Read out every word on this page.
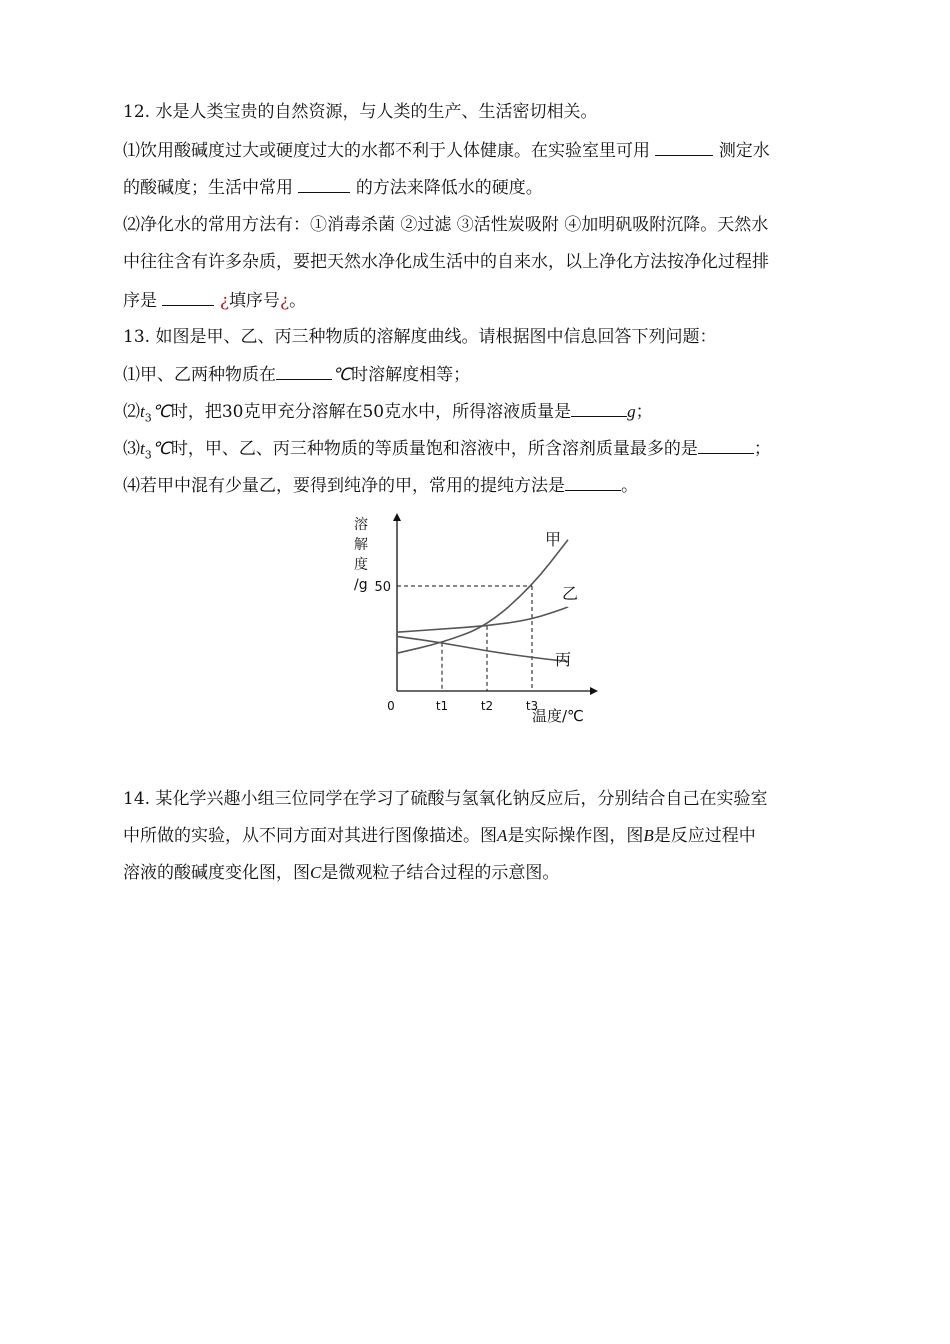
12. 水是人类宝贵的自然资源，与人类的生产、生活密切相关。
⑴饮用酸碱度过大或硬度过大的水都不利于人体健康。在实验室里可用	测定水
的酸碱度；生活中常用	的方法来降低水的硬度。
⑵净化水的常用方法有：①消毒杀菌 ②过滤 ③活性炭吸附 ④加明矾吸附沉降。天然水
中往往含有许多杂质，要把天然水净化成生活中的自来水，以上净化方法按净化过程排
序是	¿填序号¿。
13. 如图是甲、乙、丙三种物质的溶解度曲线。请根据图中信息回答下列问题：
⑴甲、乙两种物质在	℃时溶解度相等；
$⑵t_3℃$时，把30克甲充分溶解在50克水中，所得溶液质量是	g；
$⑶t_3℃$时，甲、乙、丙三种物质的等质量饱和溶液中，所含溶剂质量最多的是	；
⑷若甲中混有少量乙，要得到纯净的甲，常用的提纯方法是	。
溶
解
度
/g
0
温度/℃
50
t1	t2	t3
甲
乙
丙
14. 某化学兴趣小组三位同学在学习了硫酸与氢氧化钠反应后，分别结合自己在实验室
中所做的实验，从不同方面对其进行图像描述。图A是实际操作图，图B是反应过程中
溶液的酸碱度变化图，图C是微观粒子结合过程的示意图。
